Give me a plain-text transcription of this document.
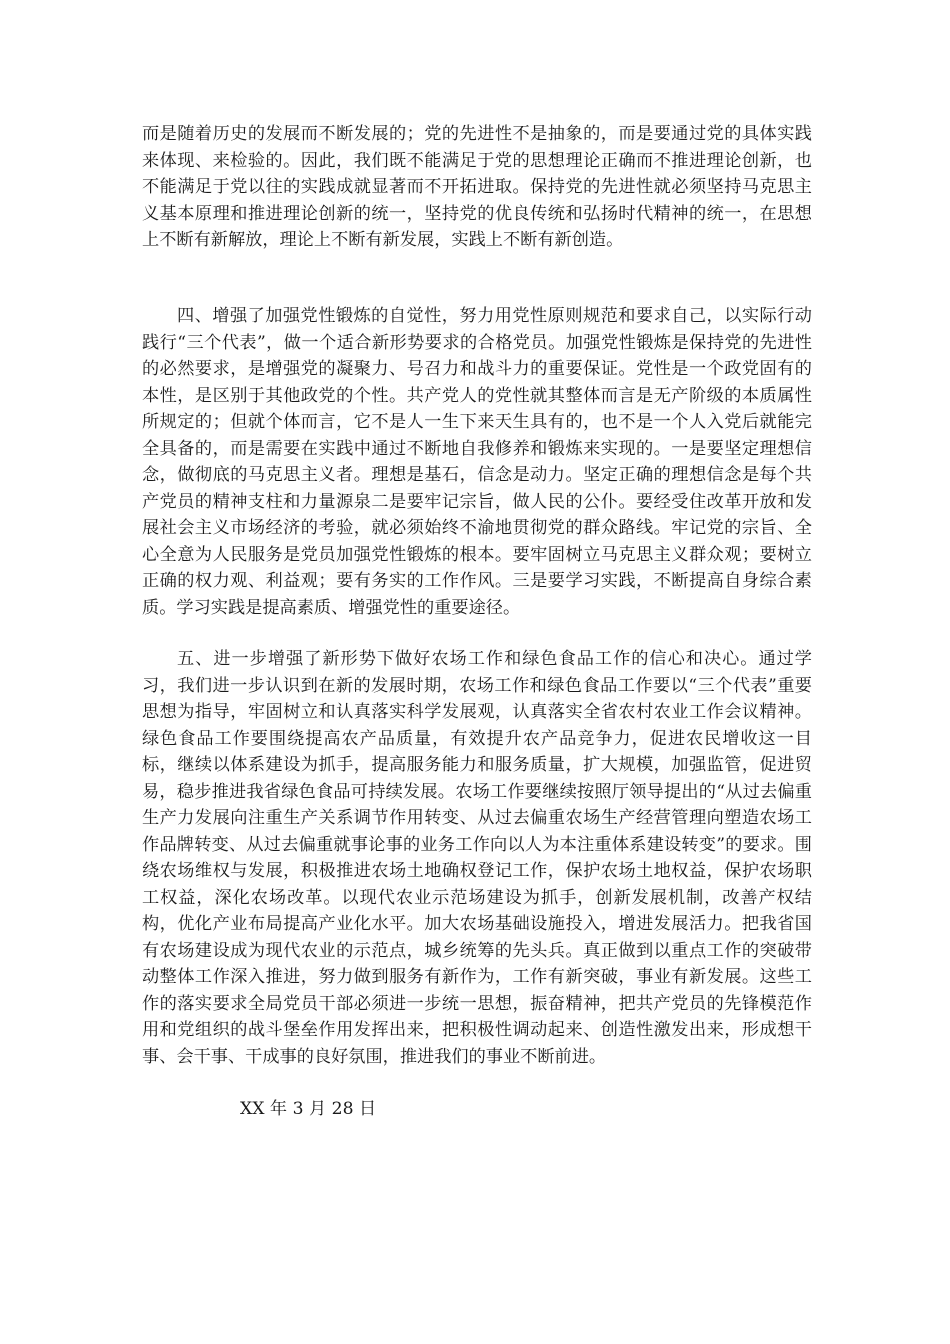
而是随着历史的发展而不断发展的；党的先进性不是抽象的，而是要通过党的具体实践来体现、来检验的。因此，我们既不能满足于党的思想理论正确而不推进理论创新，也不能满足于党以往的实践成就显著而不开拓进取。保持党的先进性就必须坚持马克思主义基本原理和推进理论创新的统一，坚持党的优良传统和弘扬时代精神的统一，在思想上不断有新解放，理论上不断有新发展，实践上不断有新创造。
四、增强了加强党性锻炼的自觉性，努力用党性原则规范和要求自己，以实际行动践行“三个代表”，做一个适合新形势要求的合格党员。加强党性锻炼是保持党的先进性的必然要求，是增强党的凝聚力、号召力和战斗力的重要保证。党性是一个政党固有的本性，是区别于其他政党的个性。共产党人的党性就其整体而言是无产阶级的本质属性所规定的；但就个体而言，它不是人一生下来天生具有的，也不是一个人入党后就能完全具备的，而是需要在实践中通过不断地自我修养和锻炼来实现的。一是要坚定理想信念，做彻底的马克思主义者。理想是基石，信念是动力。坚定正确的理想信念是每个共产党员的精神支柱和力量源泉二是要牢记宗旨，做人民的公仆。要经受住改革开放和发展社会主义市场经济的考验，就必须始终不渝地贯彻党的群众路线。牢记党的宗旨、全心全意为人民服务是党员加强党性锻炼的根本。要牢固树立马克思主义群众观；要树立正确的权力观、利益观；要有务实的工作作风。三是要学习实践，不断提高自身综合素质。学习实践是提高素质、增强党性的重要途径。
五、进一步增强了新形势下做好农场工作和绿色食品工作的信心和决心。通过学习，我们进一步认识到在新的发展时期，农场工作和绿色食品工作要以“三个代表”重要思想为指导，牢固树立和认真落实科学发展观，认真落实全省农村农业工作会议精神。绿色食品工作要围绕提高农产品质量，有效提升农产品竞争力，促进农民增收这一目标，继续以体系建设为抓手，提高服务能力和服务质量，扩大规模，加强监管，促进贸易，稳步推进我省绿色食品可持续发展。农场工作要继续按照厅领导提出的“从过去偏重生产力发展向注重生产关系调节作用转变、从过去偏重农场生产经营管理向塑造农场工作品牌转变、从过去偏重就事论事的业务工作向以人为本注重体系建设转变”的要求。围绕农场维权与发展，积极推进农场土地确权登记工作，保护农场土地权益，保护农场职工权益，深化农场改革。以现代农业示范场建设为抓手，创新发展机制，改善产权结构，优化产业布局提高产业化水平。加大农场基础设施投入，增进发展活力。把我省国有农场建设成为现代农业的示范点，城乡统筹的先头兵。真正做到以重点工作的突破带动整体工作深入推进，努力做到服务有新作为，工作有新突破，事业有新发展。这些工作的落实要求全局党员干部必须进一步统一思想，振奋精神，把共产党员的先锋模范作用和党组织的战斗堡垒作用发挥出来，把积极性调动起来、创造性激发出来，形成想干事、会干事、干成事的良好氛围，推进我们的事业不断前进。
XX 年 3 月 28 日
